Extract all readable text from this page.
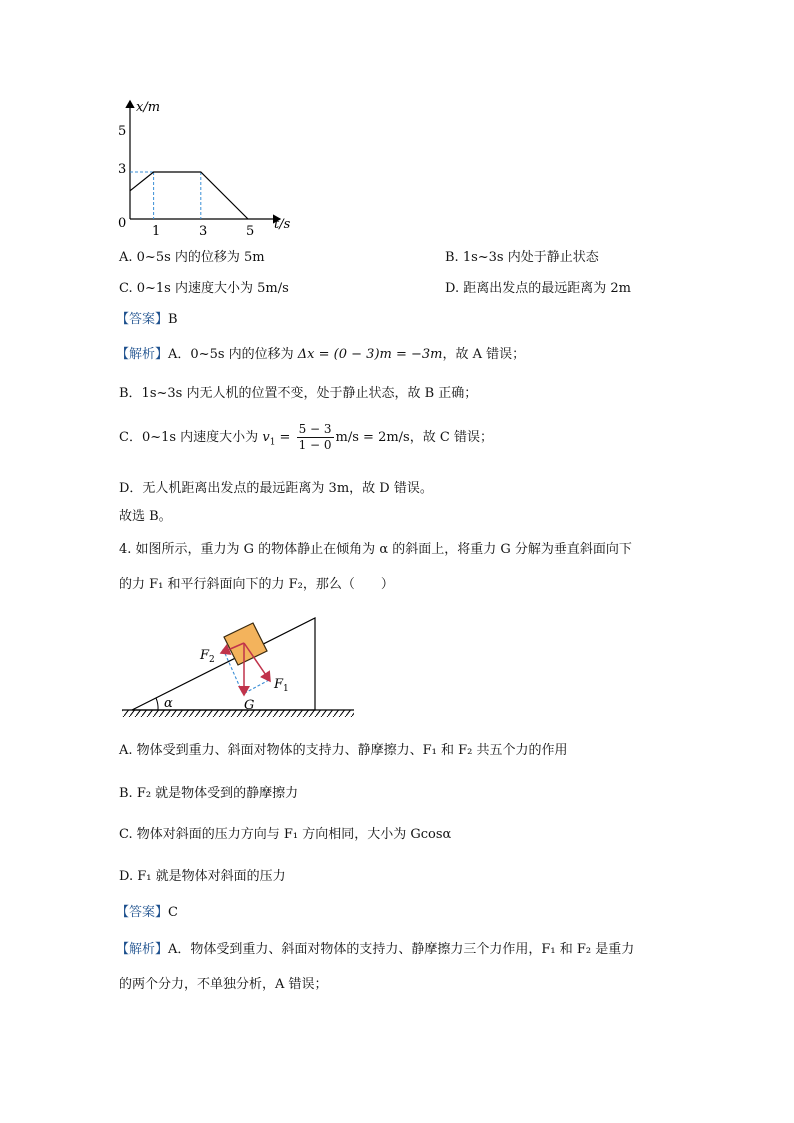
x/m
t/s
5
3
0
1	3	5
A. 0~5s 内的位移为 5m	B. 1s~3s 内处于静止状态
C. 0~1s 内速度大小为 5m/s	D. 距离出发点的最远距离为 2m
【答案】B
【解析】A．0~5s 内的位移为 Δx = (0 − 3)m = −3m，故 A 错误；
B．1s~3s 内无人机的位置不变，处于静止状态，故 B 正确；
C．0~1s 内速度大小为 $v_1 = \frac{5 - 3}{1 - 0} m/s = 2m/s$，故 C 错误；
D．无人机距离出发点的最远距离为 3m，故 D 错误。
故选 B。
4. 如图所示，重力为 G 的物体静止在倾角为 α 的斜面上，将重力 G 分解为垂直斜面向下
的力 F₁ 和平行斜面向下的力 F₂，那么（　　）
α
$F_2$
$F_1$
G
A. 物体受到重力、斜面对物体的支持力、静摩擦力、F₁ 和 F₂ 共五个力的作用
B. F₂ 就是物体受到的静摩擦力
C. 物体对斜面的压力方向与 F₁ 方向相同，大小为 Gcosα
D. F₁ 就是物体对斜面的压力
【答案】C
【解析】A．物体受到重力、斜面对物体的支持力、静摩擦力三个力作用，F₁ 和 F₂ 是重力
的两个分力，不单独分析，A 错误；
